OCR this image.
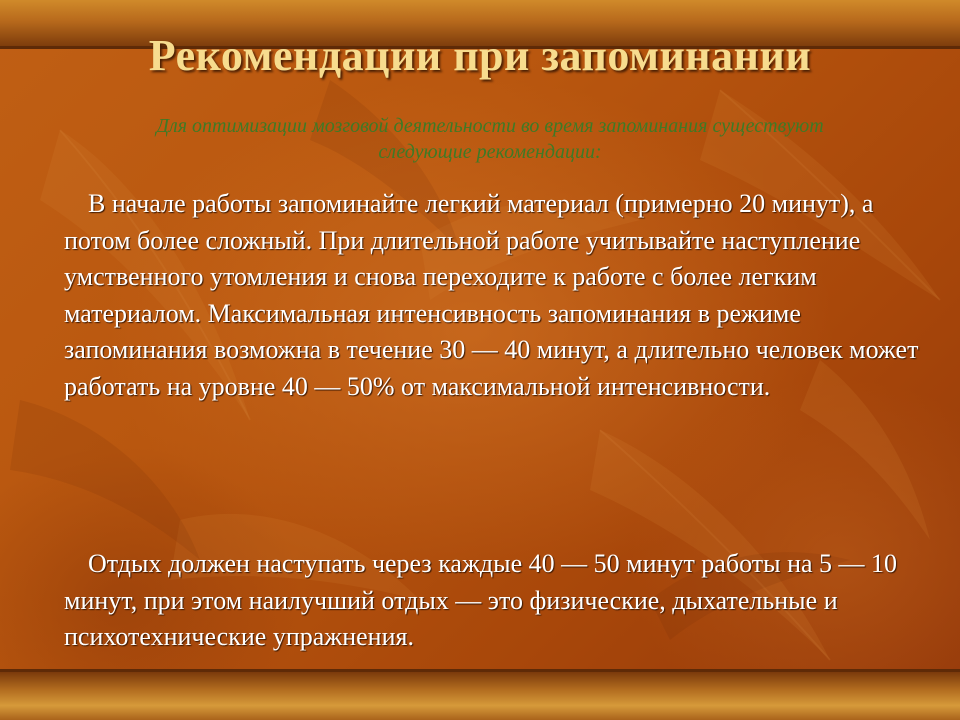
Рекомендации при запоминании
Для оптимизации мозговой деятельности во время запоминания существуют следующие рекомендации:

В начале работы запоминайте легкий материал (примерно 20 минут), а потом более сложный. При длительной работе учитывайте наступление умственного утомления и снова переходите к работе с более легким материалом. Максимальная интенсивность запоминания в режиме запоминания возможна в течение 30 — 40 минут, а длительно человек может работать на уровне 40 — 50% от максимальной интенсивности.

Отдых должен наступать через каждые 40 — 50 минут работы на 5 — 10 минут, при этом наилучший отдых — это физические, дыхательные и психотехнические упражнения.
